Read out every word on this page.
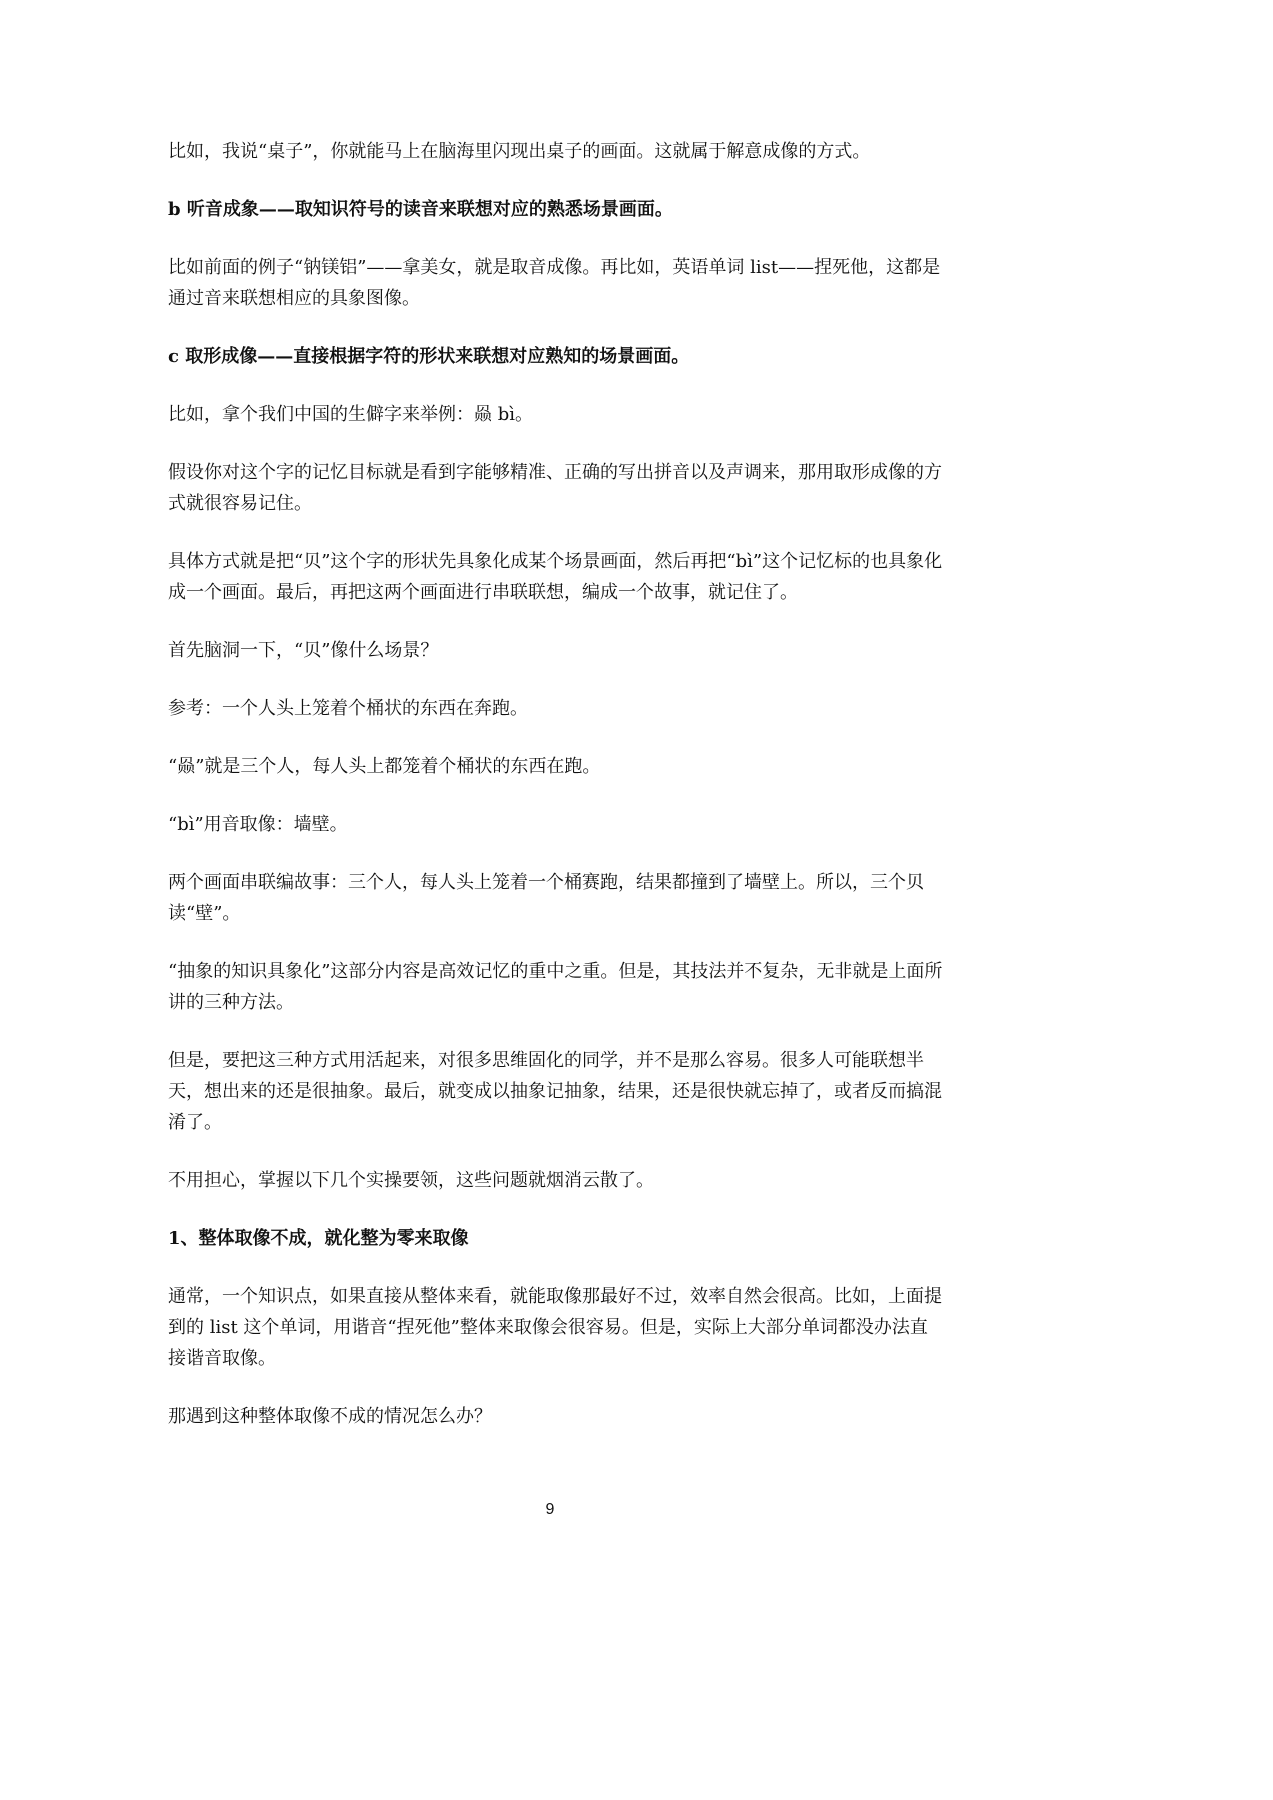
比如，我说“桌子”，你就能马上在脑海里闪现出桌子的画面。这就属于解意成像的方式。

b 听音成象——取知识符号的读音来联想对应的熟悉场景画面。

比如前面的例子“钠镁铝”——拿美女，就是取音成像。再比如，英语单词 list——捏死他，这都是通过音来联想相应的具象图像。

c 取形成像——直接根据字符的形状来联想对应熟知的场景画面。

比如，拿个我们中国的生僻字来举例：赑 bì。

假设你对这个字的记忆目标就是看到字能够精准、正确的写出拼音以及声调来，那用取形成像的方式就很容易记住。

具体方式就是把“贝”这个字的形状先具象化成某个场景画面，然后再把“bì”这个记忆标的也具象化成一个画面。最后，再把这两个画面进行串联联想，编成一个故事，就记住了。

首先脑洞一下，“贝”像什么场景？

参考：一个人头上笼着个桶状的东西在奔跑。

“赑”就是三个人，每人头上都笼着个桶状的东西在跑。

“bì”用音取像：墙壁。

两个画面串联编故事：三个人，每人头上笼着一个桶赛跑，结果都撞到了墙壁上。所以，三个贝读“壁”。

“抽象的知识具象化”这部分内容是高效记忆的重中之重。但是，其技法并不复杂，无非就是上面所讲的三种方法。

但是，要把这三种方式用活起来，对很多思维固化的同学，并不是那么容易。很多人可能联想半天，想出来的还是很抽象。最后，就变成以抽象记抽象，结果，还是很快就忘掉了，或者反而搞混淆了。

不用担心，掌握以下几个实操要领，这些问题就烟消云散了。

1、整体取像不成，就化整为零来取像

通常，一个知识点，如果直接从整体来看，就能取像那最好不过，效率自然会很高。比如，上面提到的 list 这个单词，用谐音“捏死他”整体来取像会很容易。但是，实际上大部分单词都没办法直接谐音取像。

那遇到这种整体取像不成的情况怎么办？

9
